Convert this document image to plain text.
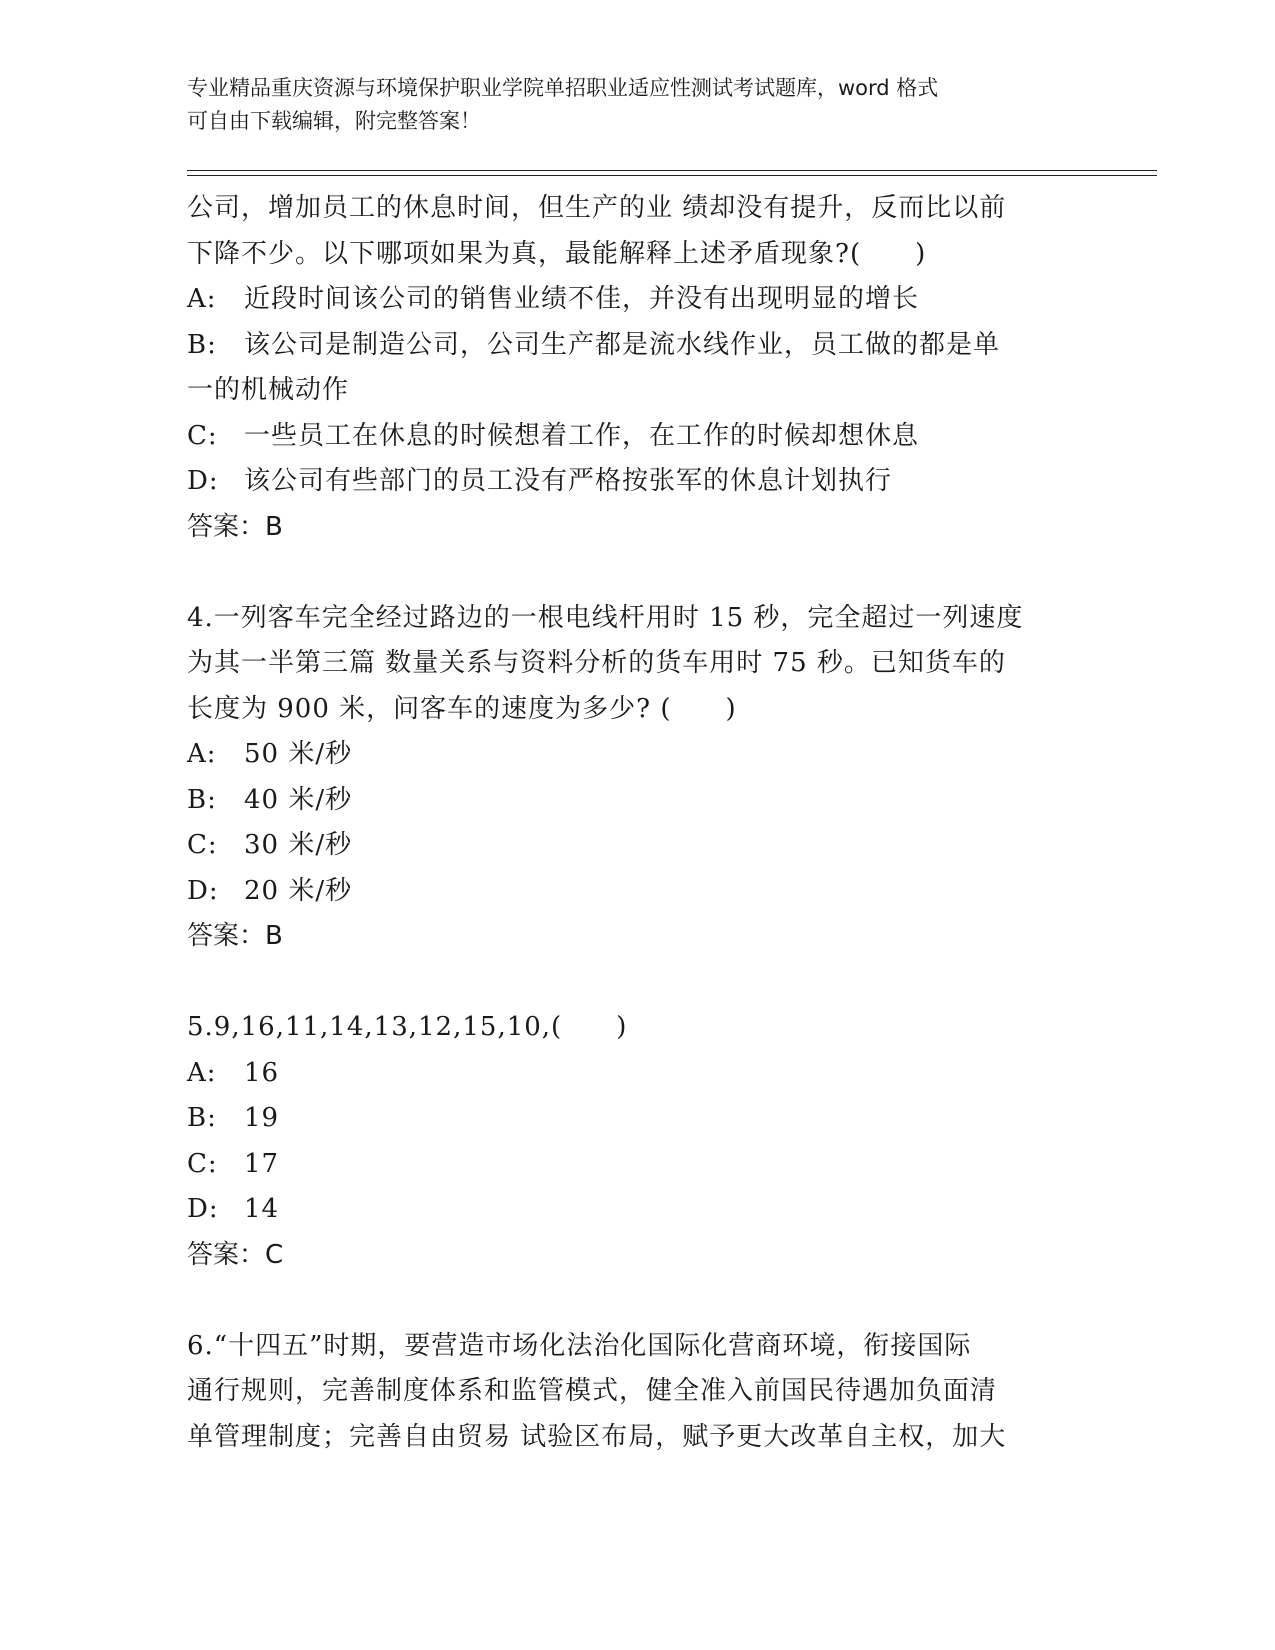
专业精品重庆资源与环境保护职业学院单招职业适应性测试考试题库，word 格式
可自由下载编辑，附完整答案！

公司，增加员工的休息时间，但生产的业 绩却没有提升，反而比以前

下降不少。以下哪项如果为真，最能解释上述矛盾现象?(　　)

A: 近段时间该公司的销售业绩不佳，并没有出现明显的增长

B: 该公司是制造公司，公司生产都是流水线作业，员工做的都是单

一的机械动作

C: 一些员工在休息的时候想着工作，在工作的时候却想休息

D: 该公司有些部门的员工没有严格按张军的休息计划执行

答案：B

4.一列客车完全经过路边的一根电线杆用时 15 秒，完全超过一列速度

为其一半第三篇 数量关系与资料分析的货车用时 75 秒。已知货车的

长度为 900 米，问客车的速度为多少? (　　)

A: 50 米/秒

B: 40 米/秒

C: 30 米/秒

D: 20 米/秒

答案：B

5.9,16,11,14,13,12,15,10,(　　)

A: 16

B: 19

C: 17

D: 14

答案：C

6.“十四五”时期，要营造市场化法治化国际化营商环境，衔接国际

通行规则，完善制度体系和监管模式，健全准入前国民待遇加负面清

单管理制度；完善自由贸易 试验区布局，赋予更大改革自主权，加大
